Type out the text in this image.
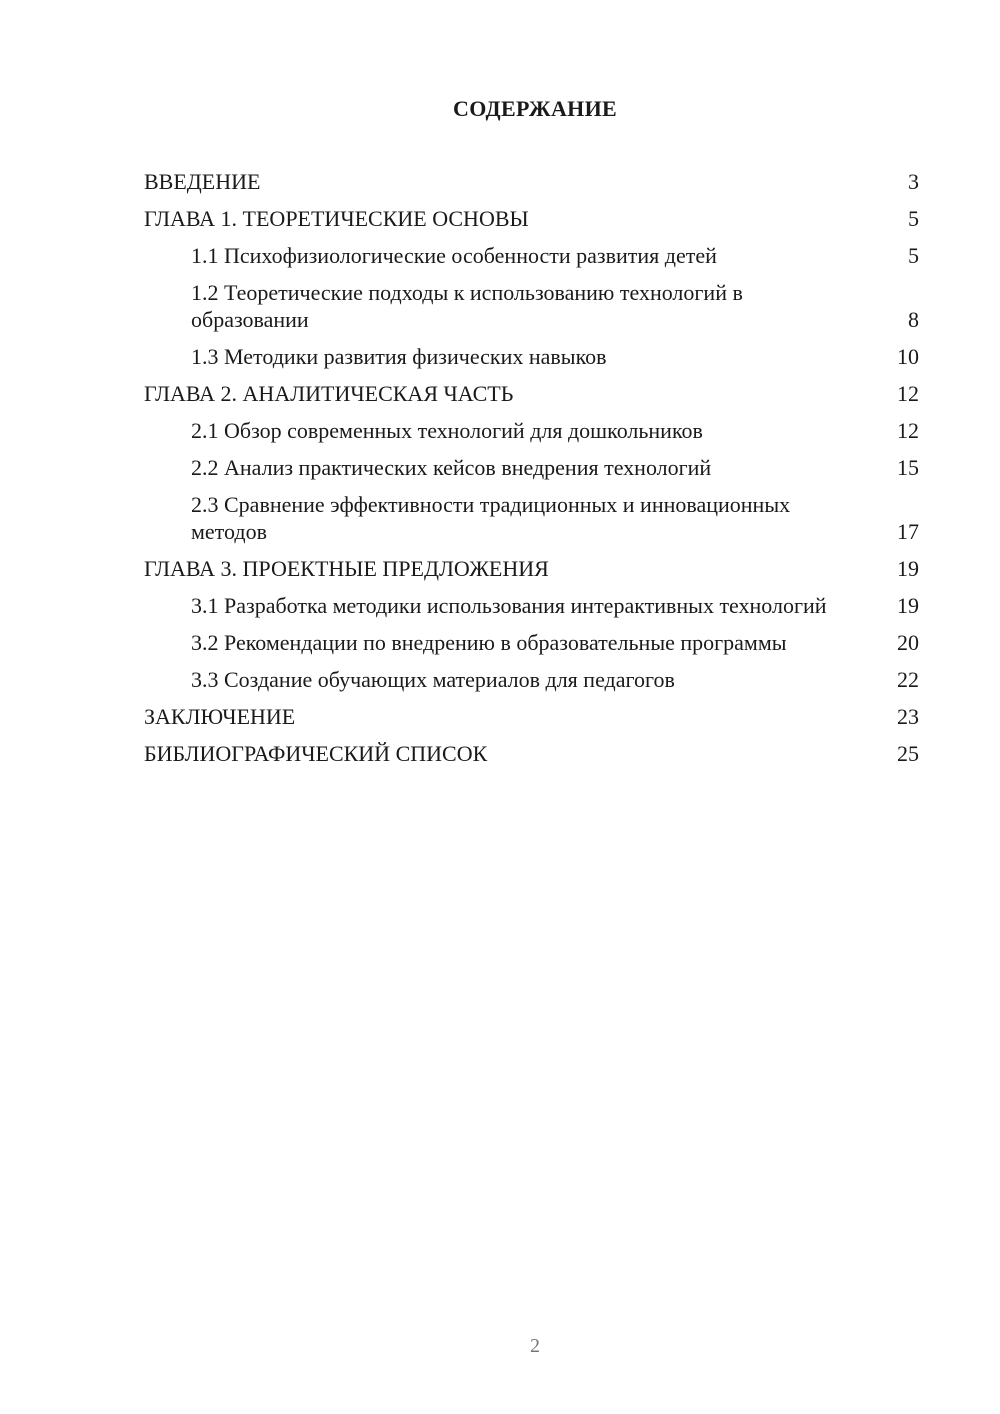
СОДЕРЖАНИЕ
ВВЕДЕНИЕ	3
ГЛАВА 1. ТЕОРЕТИЧЕСКИЕ ОСНОВЫ	5
1.1 Психофизиологические особенности развития детей	5
1.2 Теоретические подходы к использованию технологий в образовании	8
1.3 Методики развития физических навыков	10
ГЛАВА 2. АНАЛИТИЧЕСКАЯ ЧАСТЬ	12
2.1 Обзор современных технологий для дошкольников	12
2.2 Анализ практических кейсов внедрения технологий	15
2.3 Сравнение эффективности традиционных и инновационных методов	17
ГЛАВА 3. ПРОЕКТНЫЕ ПРЕДЛОЖЕНИЯ	19
3.1 Разработка методики использования интерактивных технологий	19
3.2 Рекомендации по внедрению в образовательные программы	20
3.3 Создание обучающих материалов для педагогов	22
ЗАКЛЮЧЕНИЕ	23
БИБЛИОГРАФИЧЕСКИЙ СПИСОК	25
2
